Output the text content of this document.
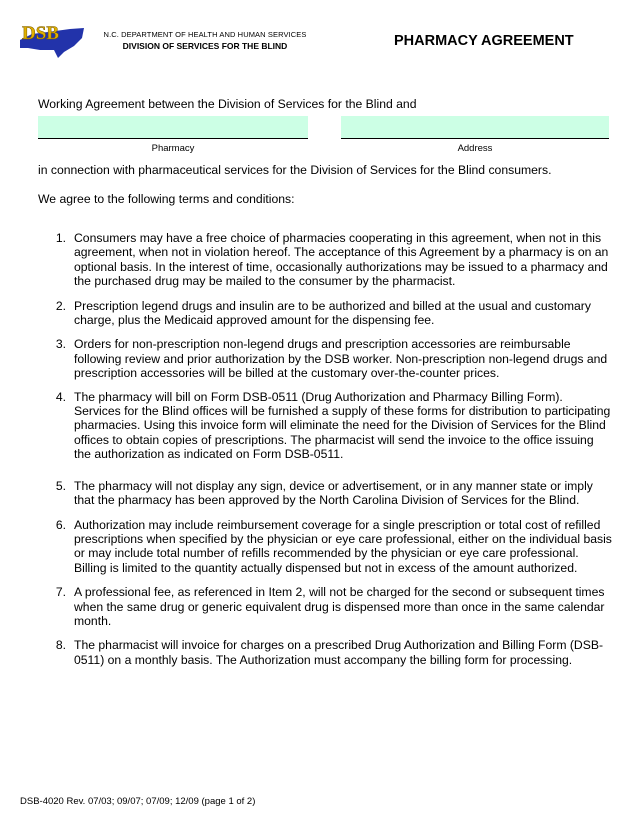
DSB	N.C. DEPARTMENT OF HEALTH AND HUMAN SERVICES
DIVISION OF SERVICES FOR THE BLIND	PHARMACY AGREEMENT
Working Agreement between the Division of Services for the Blind and
Pharmacy	Address
in connection with pharmaceutical services for the Division of Services for the Blind consumers.
We agree to the following terms and conditions:
1. Consumers may have a free choice of pharmacies cooperating in this agreement, when not in this agreement, when not in violation hereof. The acceptance of this Agreement by a pharmacy is on an optional basis. In the interest of time, occasionally authorizations may be issued to a pharmacy and the purchased drug may be mailed to the consumer by the pharmacist.
2. Prescription legend drugs and insulin are to be authorized and billed at the usual and customary charge, plus the Medicaid approved amount for the dispensing fee.
3. Orders for non-prescription non-legend drugs and prescription accessories are reimbursable following review and prior authorization by the DSB worker. Non-prescription non-legend drugs and prescription accessories will be billed at the customary over-the-counter prices.
4. The pharmacy will bill on Form DSB-0511 (Drug Authorization and Pharmacy Billing Form). Services for the Blind offices will be furnished a supply of these forms for distribution to participating pharmacies. Using this invoice form will eliminate the need for the Division of Services for the Blind offices to obtain copies of prescriptions. The pharmacist will send the invoice to the office issuing the authorization as indicated on Form DSB-0511.
5. The pharmacy will not display any sign, device or advertisement, or in any manner state or imply that the pharmacy has been approved by the North Carolina Division of Services for the Blind.
6. Authorization may include reimbursement coverage for a single prescription or total cost of refilled prescriptions when specified by the physician or eye care professional, either on the individual basis or may include total number of refills recommended by the physician or eye care professional. Billing is limited to the quantity actually dispensed but not in excess of the amount authorized.
7. A professional fee, as referenced in Item 2, will not be charged for the second or subsequent times when the same drug or generic equivalent drug is dispensed more than once in the same calendar month.
8. The pharmacist will invoice for charges on a prescribed Drug Authorization and Billing Form (DSB-0511) on a monthly basis. The Authorization must accompany the billing form for processing.
DSB-4020 Rev. 07/03; 09/07; 07/09; 12/09 (page 1 of 2)
